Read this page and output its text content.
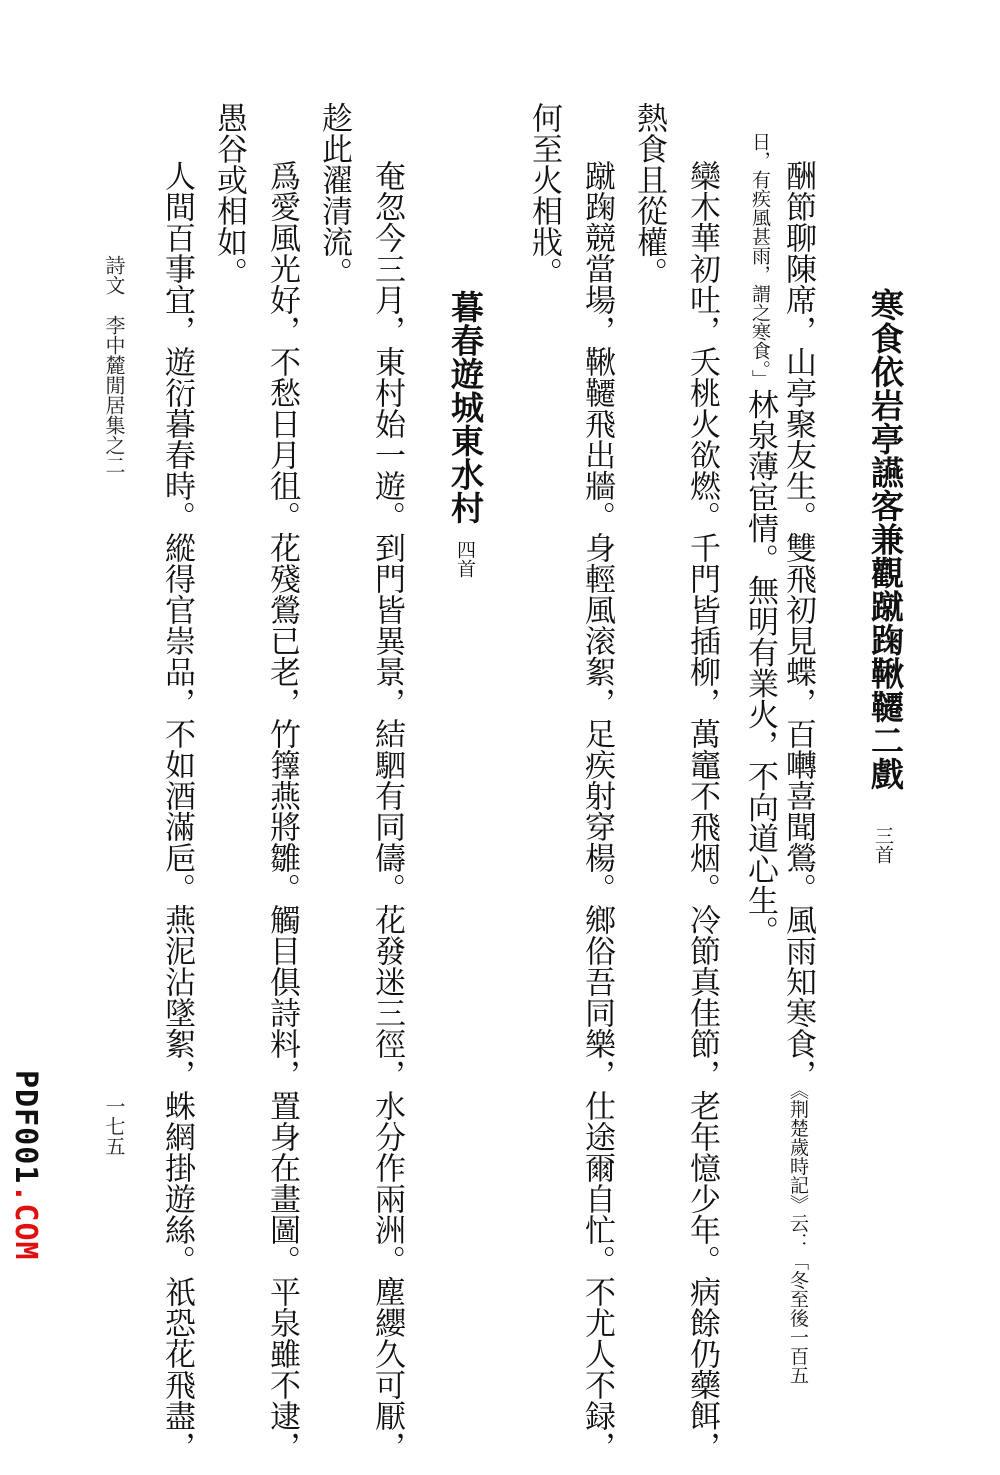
寒食依岩亭讌客兼觀蹴踘鞦韆二戲
三首
酬節聊陳席，山亭聚友生。雙飛初見蝶，百囀喜聞鶯。風雨知寒食，《荆楚歲時記》云：「冬至後一百五
日，有疾風甚雨，謂之寒食。」林泉薄宦情。無明有業火，不向道心生。
欒木華初吐，夭桃火欲燃。千門皆插柳，萬竈不飛烟。冷節真佳節，老年憶少年。病餘仍藥餌，
熱食且從權。
蹴踘競當場，鞦韆飛出牆。身輕風滚絮，足疾射穿楊。鄉俗吾同樂，仕途爾自忙。不尤人不録，
何至火相戕。
暮春遊城東水村
四首
奄忽今三月，東村始一遊。到門皆異景，結駟有同儔。花發迷三徑，水分作兩洲。塵纓久可厭，
趁此濯清流。
爲愛風光好，不愁日月徂。花殘鶯已老，竹籜燕將雛。觸目俱詩料，置身在畫圖。平泉雖不逮，
愚谷或相如。
人間百事宜，遊衍暮春時。縱得官崇品，不如酒滿巵。燕泥沾墜絮，蛛網掛遊絲。祇恐花飛盡，
詩文　李中麓閒居集之二
一七五
PDF001.COM
